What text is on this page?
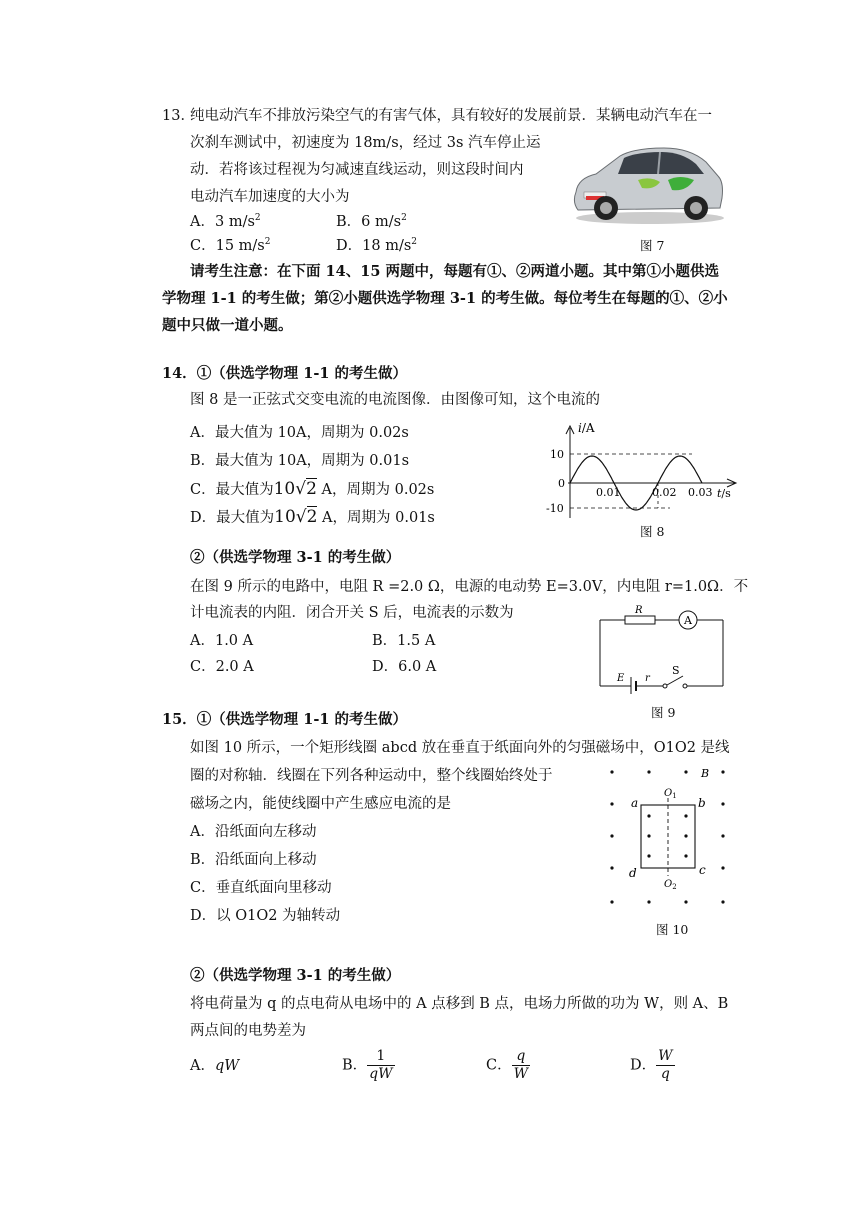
13．
纯电动汽车不排放污染空气的有害气体，具有较好的发展前景．某辆电动汽车在一
次刹车测试中，初速度为 18m/s，经过 3s 汽车停止运
动．若将该过程视为匀减速直线运动，则这段时间内
电动汽车加速度的大小为
A．3 $m/s^2$	B．6 $m/s^2$
C．15 $m/s^2$	D．18 $m/s^2$	图 7
请考生注意：在下面 14、15 两题中，每题有①、②两道小题。其中第①小题供选
学物理 1-1 的考生做；第②小题供选学物理 3-1 的考生做。每位考生在每题的①、②小
题中只做一道小题。
14．①（供选学物理 1-1 的考生做）
图 8 是一正弦式交变电流的电流图像．由图像可知，这个电流的
A．最大值为 10A，周期为 0.02s
B．最大值为 10A，周期为 0.01s
C．最大值为10√2 A，周期为 0.02s
D．最大值为10√2 A，周期为 0.01s
i/A
10
0
-10
0.01	0.02 0.03 t/s
图 8
②（供选学物理 3-1 的考生做）
在图 9 所示的电路中，电阻 R =2.0 Ω，电源的电动势 E=3.0V，内电阻 r=1.0Ω．不
计电流表的内阻．闭合开关 S 后，电流表的示数为
A．1.0 A	B．1.5 A
C．2.0 A	D．6.0 A
A
R
E r
S
图 9
15．①（供选学物理 1-1 的考生做）
如图 10 所示，一个矩形线圈 abcd 放在垂直于纸面向外的匀强磁场中，O1O2 是线
圈的对称轴．线圈在下列各种运动中，整个线圈始终处于
磁场之内，能使线圈中产生感应电流的是
A．沿纸面向左移动
B．沿纸面向上移动
C．垂直纸面向里移动
D．以 O1O2 为轴转动
B
$O_1$
$O_2$
a	b
c
d
图 10
②（供选学物理 3-1 的考生做）
将电荷量为 q 的点电荷从电场中的 A 点移到 B 点，电场力所做的功为 W，则 A、B
两点间的电势差为
A．qW	B． $\frac{1}{qW}$	C． $\frac{q}{W}$	D． $\frac{W}{q}$
